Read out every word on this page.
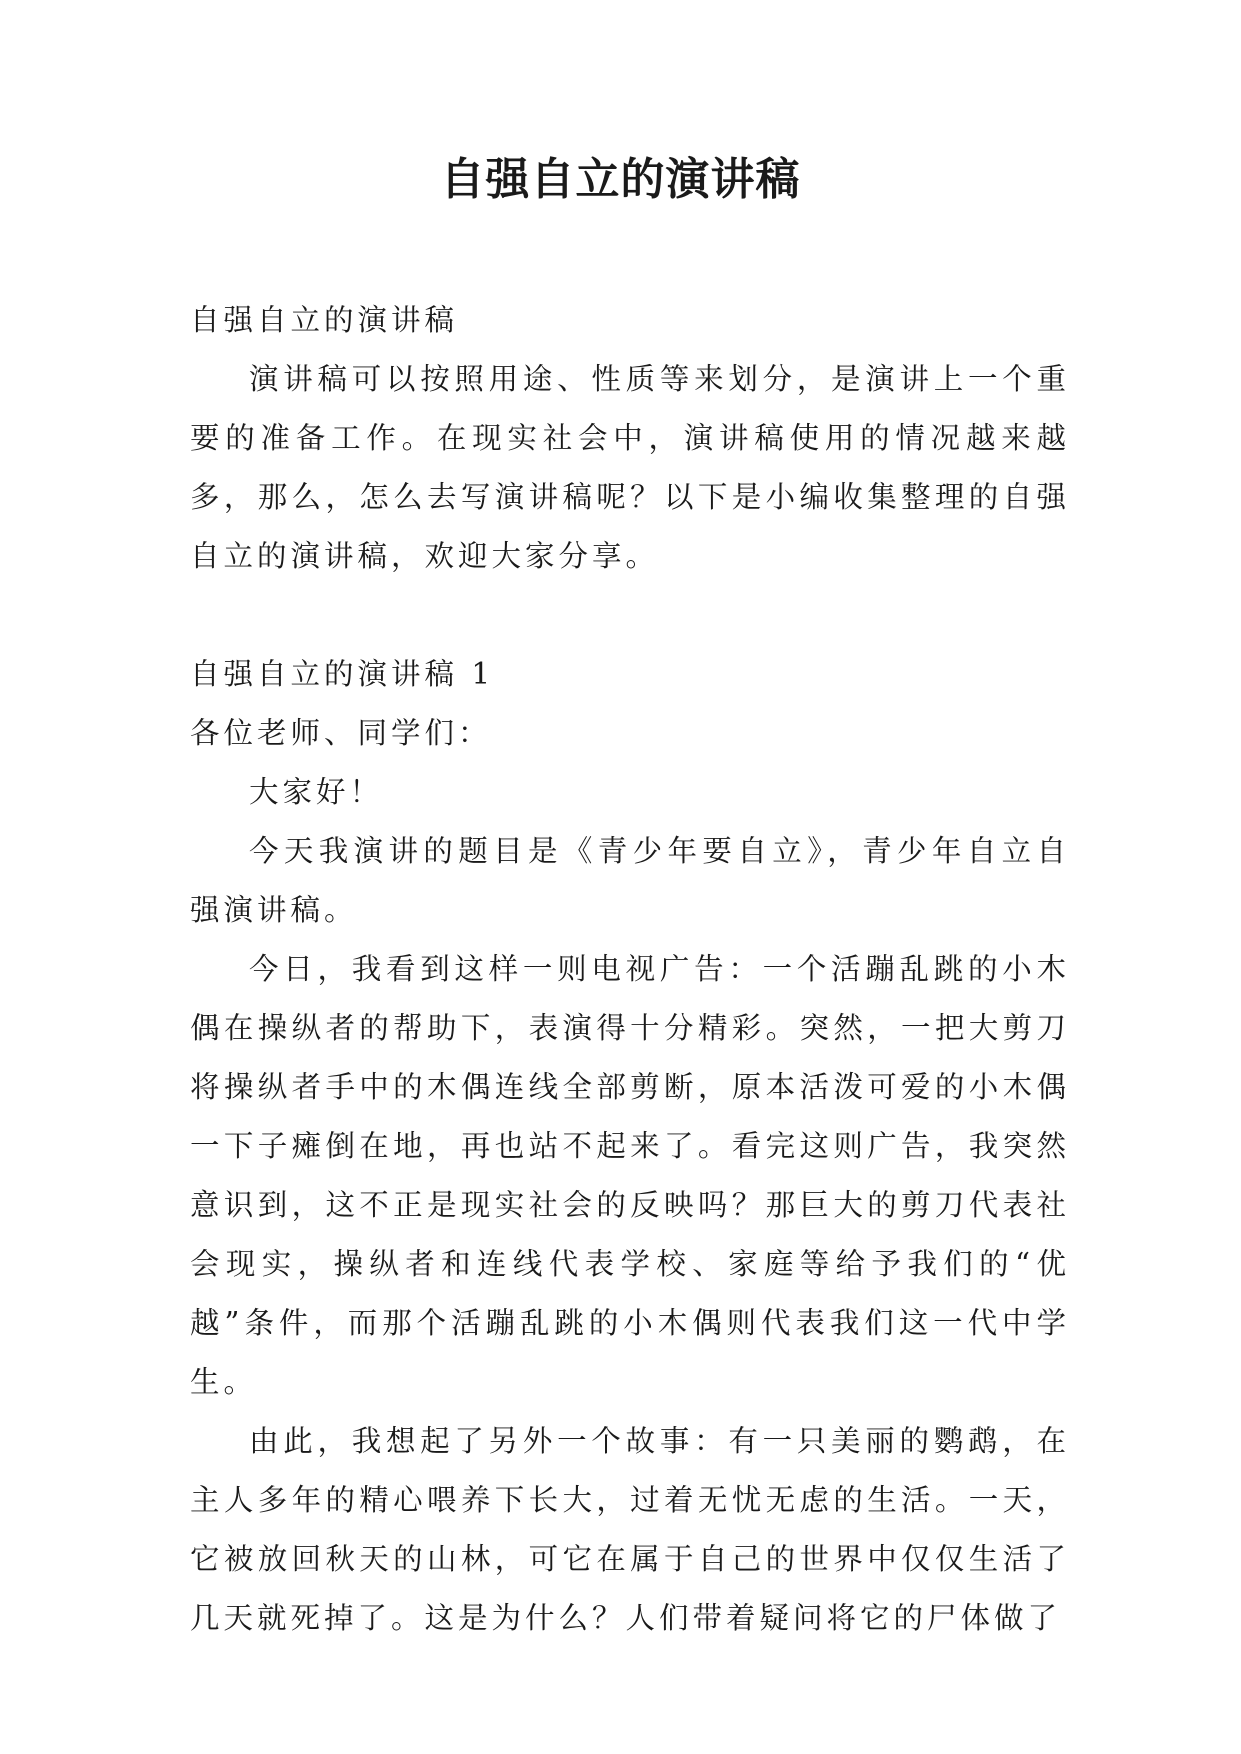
自强自立的演讲稿

自强自立的演讲稿

演讲稿可以按照用途、性质等来划分，是演讲上一个重要的准备工作。在现实社会中，演讲稿使用的情况越来越多，那么，怎么去写演讲稿呢？以下是小编收集整理的自强自立的演讲稿，欢迎大家分享。

自强自立的演讲稿 1

各位老师、同学们：

大家好！

今天我演讲的题目是《青少年要自立》，青少年自立自强演讲稿。

今日，我看到这样一则电视广告：一个活蹦乱跳的小木偶在操纵者的帮助下，表演得十分精彩。突然，一把大剪刀将操纵者手中的木偶连线全部剪断，原本活泼可爱的小木偶一下子瘫倒在地，再也站不起来了。看完这则广告，我突然意识到，这不正是现实社会的反映吗？那巨大的剪刀代表社会现实，操纵者和连线代表学校、家庭等给予我们的“优越”条件，而那个活蹦乱跳的小木偶则代表我们这一代中学生。

由此，我想起了另外一个故事：有一只美丽的鹦鹉，在主人多年的精心喂养下长大，过着无忧无虑的生活。一天，它被放回秋天的山林，可它在属于自己的世界中仅仅生活了几天就死掉了。这是为什么？人们带着疑问将它的尸体做了
